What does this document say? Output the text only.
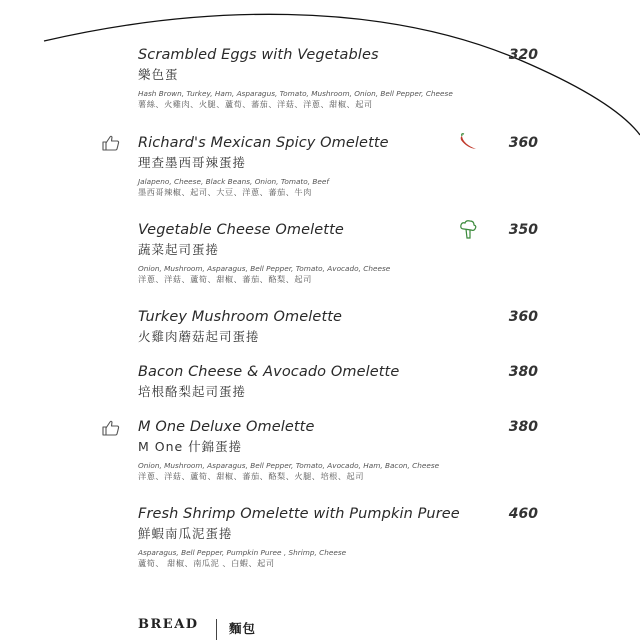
Scrambled Eggs with Vegetables	320
樂色蛋
Hash Brown, Turkey, Ham, Asparagus, Tomato, Mushroom, Onion, Bell Pepper, Cheese
薯絲、火雞肉、火腿、蘆荀、蕃茄、洋菇、洋蔥、甜椒、起司
Richard's Mexican Spicy Omelette	360
理查墨西哥辣蛋捲
Jalapeno, Cheese, Black Beans, Onion, Tomato, Beef
墨西哥辣椒、起司、大豆、洋蔥、蕃茄、牛肉
Vegetable Cheese Omelette	350
蔬菜起司蛋捲
Onion, Mushroom, Asparagus, Bell Pepper, Tomato, Avocado, Cheese
洋蔥、洋菇、蘆筍、甜椒、蕃茄、酪梨、起司
Turkey Mushroom Omelette	360
火雞肉蘑菇起司蛋捲
Bacon Cheese & Avocado Omelette	380
培根酪梨起司蛋捲
M One Deluxe Omelette	380
M One 什錦蛋捲
Onion, Mushroom, Asparagus, Bell Pepper, Tomato, Avocado, Ham, Bacon, Cheese
洋蔥、洋菇、蘆筍、甜椒、蕃茄、酪梨、火腿、培根、起司
Fresh Shrimp Omelette with Pumpkin Puree	460
鮮蝦南瓜泥蛋捲
Asparagus, Bell Pepper, Pumpkin Puree , Shrimp, Cheese
蘆筍、 甜椒、南瓜泥 、白蝦、起司
BREAD 麵包
